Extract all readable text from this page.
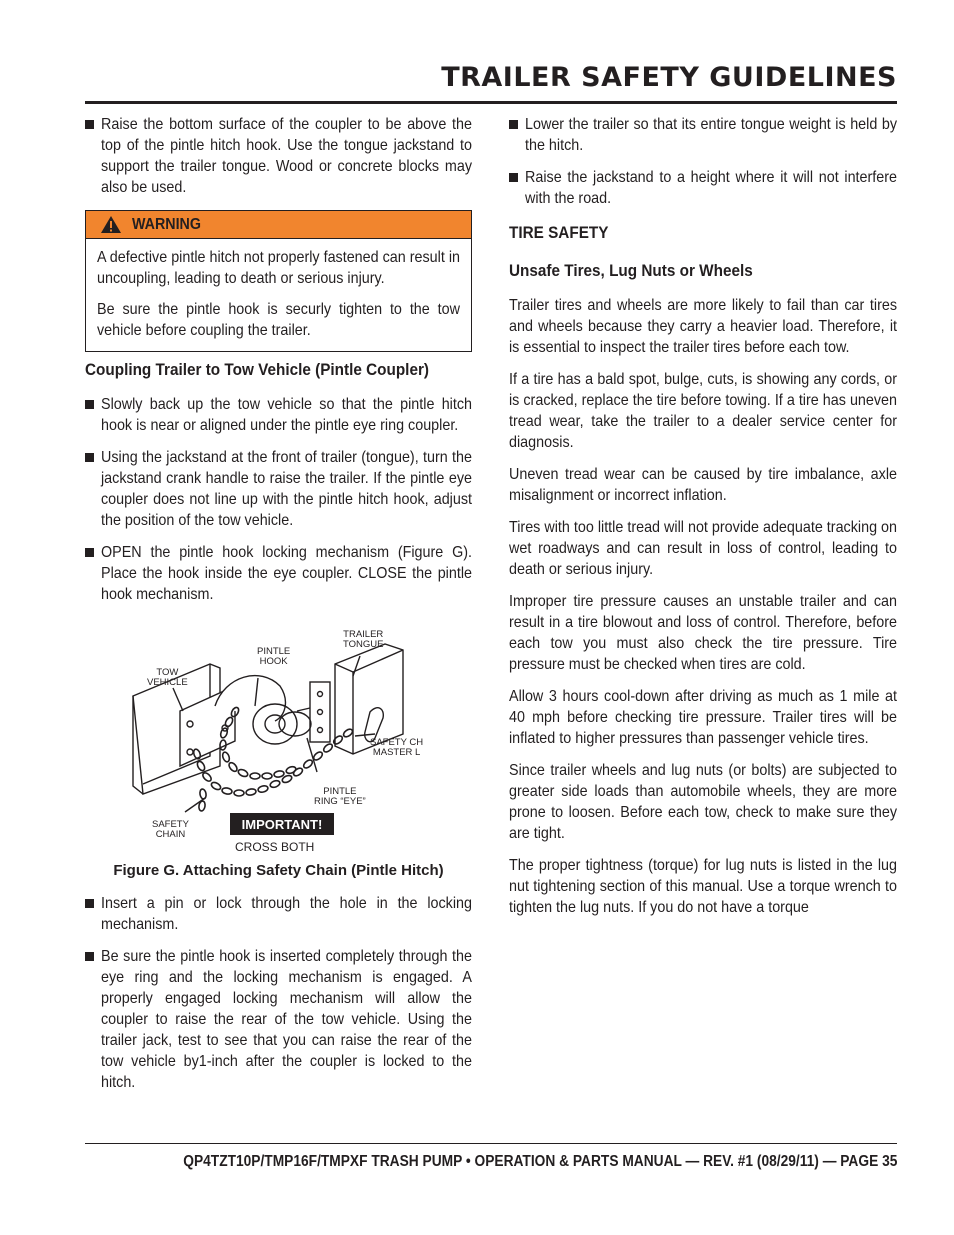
TRAILER SAFETY GUIDELINES

Raise the bottom surface of the coupler to be above the top of the pintle hitch hook. Use the tongue jackstand to support the trailer tongue. Wood or concrete blocks may also be used.

WARNING

A defective pintle hitch not properly fastened can result in uncoupling, leading to death or serious injury.

Be sure the pintle hook is securly tighten to the tow vehicle before coupling the trailer.

Coupling Trailer to Tow Vehicle (Pintle Coupler)

Slowly back up the tow vehicle so that the pintle hitch hook is near or aligned under the pintle eye ring coupler.

Using the jackstand at the front of trailer (tongue), turn the jackstand crank handle to raise the trailer. If the pintle eye coupler does not line up with the pintle hitch hook, adjust the position of the tow vehicle.

OPEN the pintle hook locking mechanism (Figure G). Place the hook inside the eye coupler. CLOSE the pintle hook mechanism.

TRAILER
TONGUE
PINTLE
HOOK
TOW
VEHICLE
SAFETY CH
MASTER L
PINTLE
RING “EYE”
SAFETY
CHAIN
IMPORTANT!
CROSS BOTH
Figure G. Attaching Safety Chain (Pintle Hitch)

Insert a pin or lock through the hole in the locking mechanism.

Be sure the pintle hook is inserted completely through the eye ring and the locking mechanism is engaged. A properly engaged locking mechanism will allow the coupler to raise the rear of the tow vehicle. Using the trailer jack, test to see that you can raise the rear of the tow vehicle by1-inch after the coupler is locked to the hitch.

Lower the trailer so that its entire tongue weight is held by the hitch.

Raise the jackstand to a height where it will not interfere with the road.

TIRE SAFETY
Unsafe Tires, Lug Nuts or Wheels

Trailer tires and wheels are more likely to fail than car tires and wheels because they carry a heavier load. Therefore, it is essential to inspect the trailer tires before each tow.

If a tire has a bald spot, bulge, cuts, is showing any cords, or is cracked, replace the tire before towing. If a tire has uneven tread wear, take the trailer to a dealer service center for diagnosis.

Uneven tread wear can be caused by tire imbalance, axle misalignment or incorrect inflation.

Tires with too little tread will not provide adequate tracking on wet roadways and can result in loss of control, leading to death or serious injury.

Improper tire pressure causes an unstable trailer and can result in a tire blowout and loss of control. Therefore, before each tow you must also check the tire pressure. Tire pressure must be checked when tires are cold.

Allow 3 hours cool-down after driving as much as 1 mile at 40 mph before checking tire pressure. Trailer tires will be inflated to higher pressures than passenger vehicle tires.

Since trailer wheels and lug nuts (or bolts) are subjected to greater side loads than automobile wheels, they are more prone to loosen. Before each tow, check to make sure they are tight.

The proper tightness (torque) for lug nuts is listed in the lug nut tightening section of this manual. Use a torque wrench to tighten the lug nuts. If you do not have a torque

QP4TZT10P/TMP16F/TMPXF TRASH PUMP • OPERATION & PARTS MANUAL — REV. #1 (08/29/11) — PAGE 35
